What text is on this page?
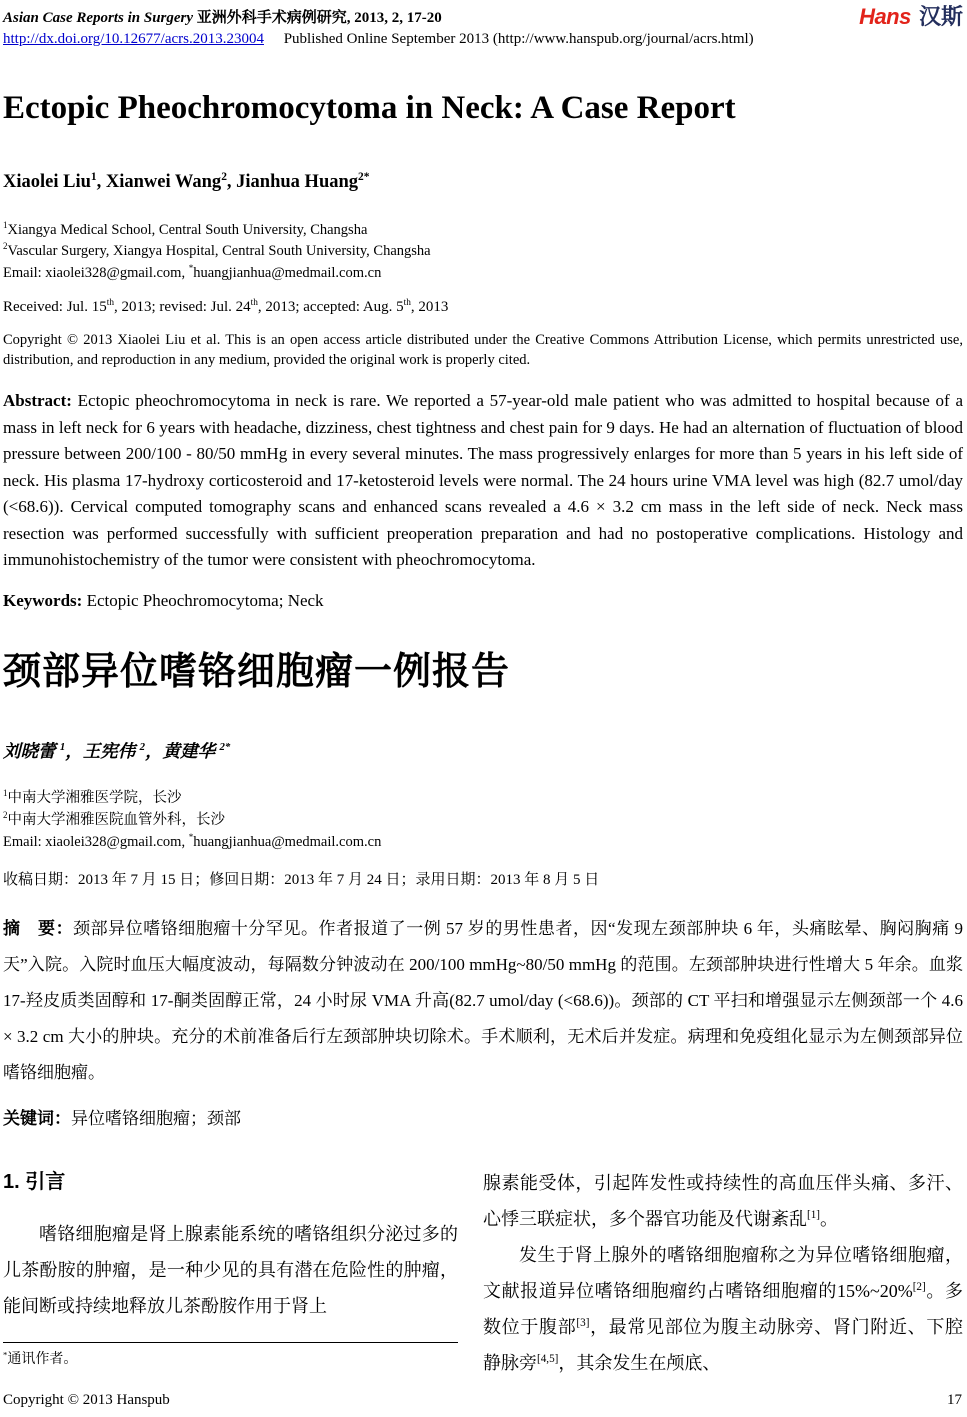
Asian Case Reports in Surgery 亚洲外科手术病例研究, 2013, 2, 17-20
http://dx.doi.org/10.12677/acrs.2013.23004 Published Online September 2013 (http://www.hanspub.org/journal/acrs.html)
Hans 汉斯
Ectopic Pheochromocytoma in Neck: A Case Report
Xiaolei Liu$^1$, Xianwei Wang$^2$, Jianhua Huang$^{2*}$
$^1$Xiangya Medical School, Central South University, Changsha
$^2$Vascular Surgery, Xiangya Hospital, Central South University, Changsha
Email: xiaolei328@gmail.com, *huangjianhua@medmail.com.cn
Received: Jul. 15th, 2013; revised: Jul. 24th, 2013; accepted: Aug. 5th, 2013

Copyright © 2013 Xiaolei Liu et al. This is an open access article distributed under the Creative Commons Attribution License, which permits unrestricted use, distribution, and reproduction in any medium, provided the original work is properly cited.

Abstract: Ectopic pheochromocytoma in neck is rare. We reported a 57-year-old male patient who was admitted to hospital because of a mass in left neck for 6 years with headache, dizziness, chest tightness and chest pain for 9 days. He had an alternation of fluctuation of blood pressure between 200/100 - 80/50 mmHg in every several minutes. The mass progressively enlarges for more than 5 years in his left side of neck. His plasma 17-hydroxy corticosteroid and 17-ketosteroid levels were normal. The 24 hours urine VMA level was high (82.7 umol/day (<68.6)). Cervical computed tomography scans and enhanced scans revealed a 4.6 × 3.2 cm mass in the left side of neck. Neck mass resection was performed successfully with sufficient preoperation preparation and had no postoperative complications. Histology and immunohistochemistry of the tumor were consistent with pheochromocytoma.

Keywords: Ectopic Pheochromocytoma; Neck

颈部异位嗜铬细胞瘤一例报告
刘晓蕾 $^1$，王宪伟 $^2$，黄建华 $^{2*}$
$^1$中南大学湘雅医学院，长沙
$^2$中南大学湘雅医院血管外科，长沙
Email: xiaolei328@gmail.com, *huangjianhua@medmail.com.cn
收稿日期：2013 年 7 月 15 日；修回日期：2013 年 7 月 24 日；录用日期：2013 年 8 月 5 日

摘　要：颈部异位嗜铬细胞瘤十分罕见。作者报道了一例 57 岁的男性患者，因“发现左颈部肿块 6 年，头痛眩晕、胸闷胸痛 9 天”入院。入院时血压大幅度波动，每隔数分钟波动在 200/100 mmHg~80/50 mmHg 的范围。左颈部肿块进行性增大 5 年余。血浆 17-羟皮质类固醇和 17-酮类固醇正常，24 小时尿 VMA 升高(82.7 umol/day (<68.6))。颈部的 CT 平扫和增强显示左侧颈部一个 4.6 × 3.2 cm 大小的肿块。充分的术前准备后行左颈部肿块切除术。手术顺利，无术后并发症。病理和免疫组化显示为左侧颈部异位嗜铬细胞瘤。

关键词：异位嗜铬细胞瘤；颈部

1. 引言

嗜铬细胞瘤是肾上腺素能系统的嗜铬组织分泌过多的儿茶酚胺的肿瘤，是一种少见的具有潜在危险性的肿瘤，能间断或持续地释放儿茶酚胺作用于肾上

*通讯作者。

腺素能受体，引起阵发性或持续性的高血压伴头痛、多汗、心悸三联症状，多个器官功能及代谢紊乱[1]。

发生于肾上腺外的嗜铬细胞瘤称之为异位嗜铬细胞瘤，文献报道异位嗜铬细胞瘤约占嗜铬细胞瘤的15%~20%[2]。多数位于腹部[3]，最常见部位为腹主动脉旁、肾门附近、下腔静脉旁[4,5]，其余发生在颅底、

Copyright © 2013 Hanspub	17
